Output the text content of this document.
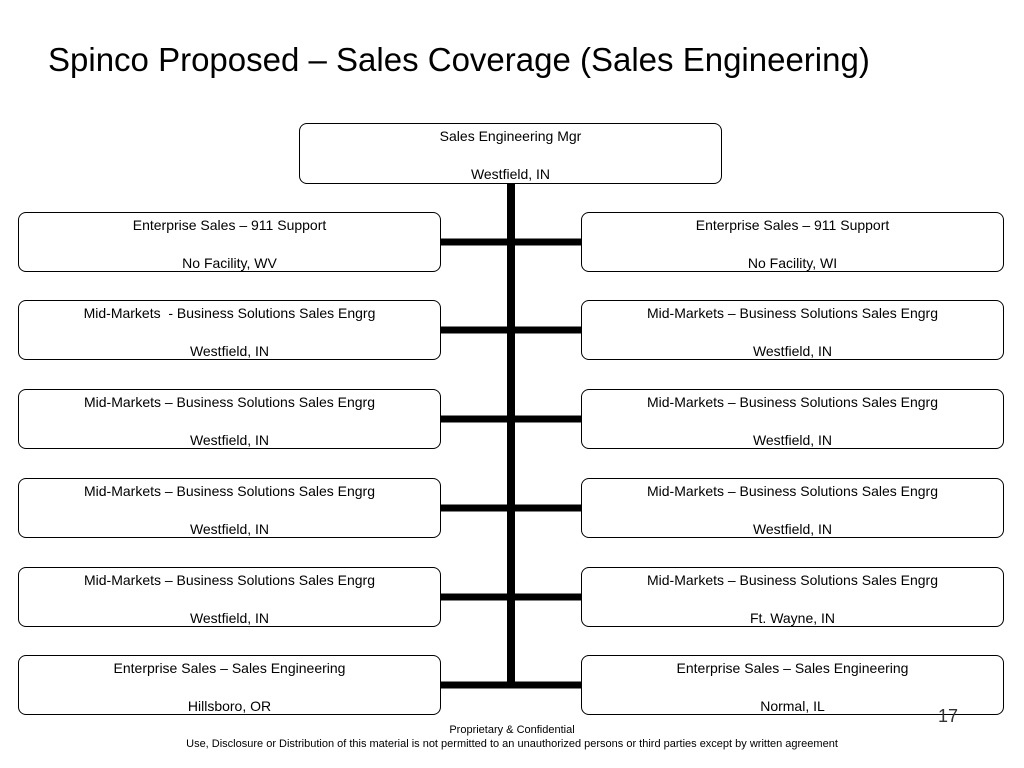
Spinco Proposed – Sales Coverage (Sales Engineering)
Sales Engineering Mgr
Westfield, IN
Enterprise Sales – 911 Support
No Facility, WV
Mid-Markets  - Business Solutions Sales Engrg
Westfield, IN
Mid-Markets – Business Solutions Sales Engrg
Westfield, IN
Mid-Markets – Business Solutions Sales Engrg
Westfield, IN
Mid-Markets – Business Solutions Sales Engrg
Westfield, IN
Enterprise Sales – Sales Engineering
Hillsboro, OR
Enterprise Sales – 911 Support
No Facility, WI
Mid-Markets – Business Solutions Sales Engrg
Westfield, IN
Mid-Markets – Business Solutions Sales Engrg
Westfield, IN
Mid-Markets – Business Solutions Sales Engrg
Westfield, IN
Mid-Markets – Business Solutions Sales Engrg
Ft. Wayne, IN
Enterprise Sales – Sales Engineering
Normal, IL	17
Proprietary & Confidential
Use, Disclosure or Distribution of this material is not permitted to an unauthorized persons or third parties except by written agreement
